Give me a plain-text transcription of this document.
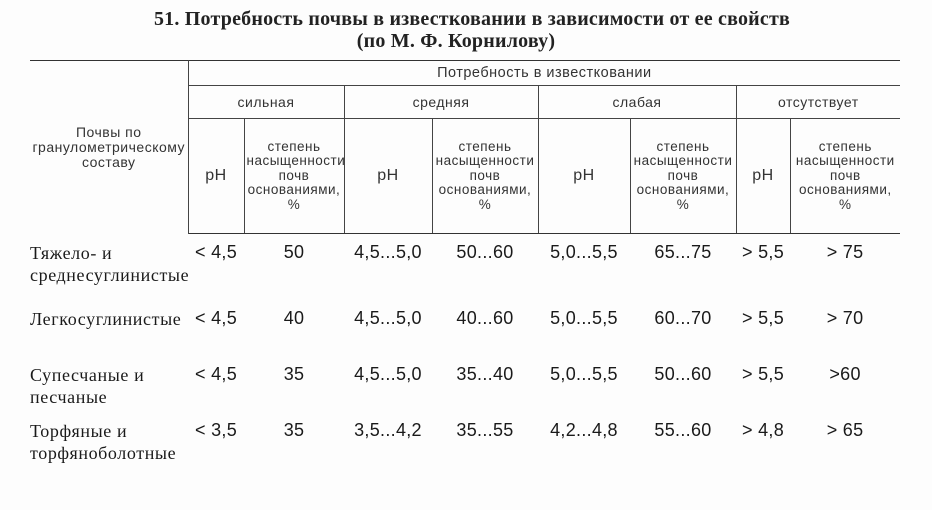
51. Потребность почвы в известковании в зависимости от ее свойств
(по М. Ф. Корнилову)
Почвы по гранулометрическому составу	Потребность в известковании							
	сильная		средняя		слабая		отсутствует	
	pH	степень насыщенности почв основаниями, %	pH	степень насыщенности почв основаниями, %	pH	степень насыщенности почв основаниями, %	pH	степень насыщенности почв основаниями, %
Тяжело- и среднесуглинистые	< 4,5	50	4,5...5,0	50...60	5,0...5,5	65...75	> 5,5	> 75
Легкосуглинистые	< 4,5	40	4,5...5,0	40...60	5,0...5,5	60...70	> 5,5	> 70
Супесчаные и песчаные	< 4,5	35	4,5...5,0	35...40	5,0...5,5	50...60	> 5,5	>60
Торфяные и торфяноболотные	< 3,5	35	3,5...4,2	35...55	4,2...4,8	55...60	> 4,8	> 65
